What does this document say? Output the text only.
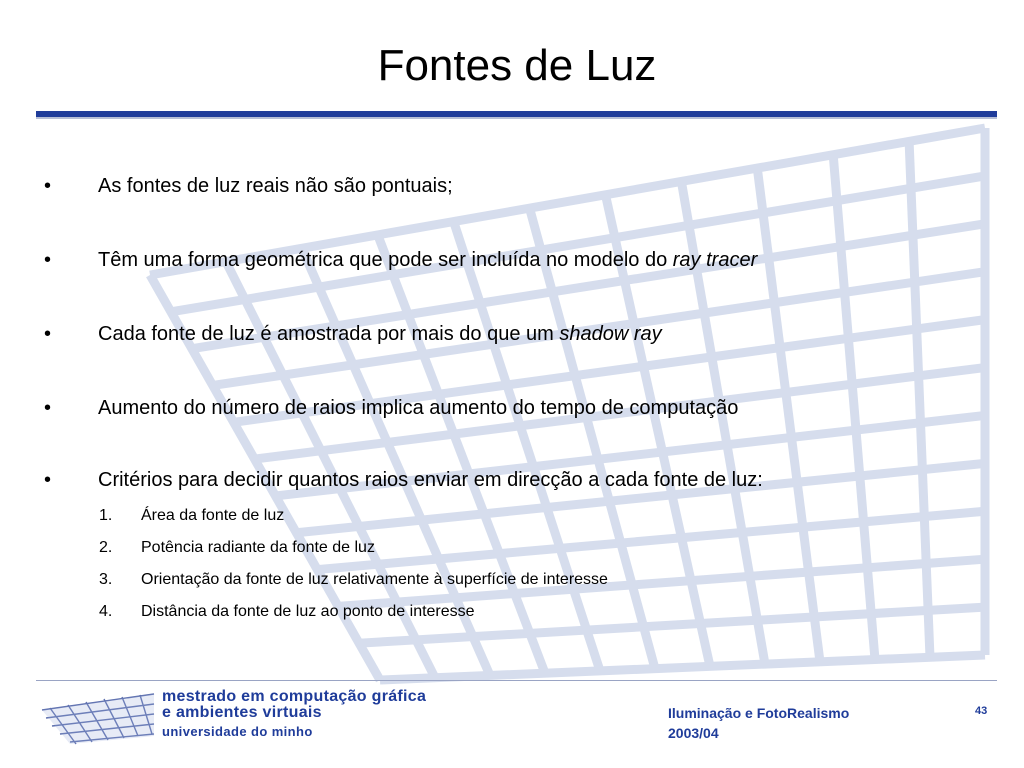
Fontes de Luz
• As fontes de luz reais não são pontuais;
• Têm uma forma geométrica que pode ser incluída no modelo do ray tracer
• Cada fonte de luz é amostrada por mais do que um shadow ray
• Aumento do número de raios implica aumento do tempo de computação
• Critérios para decidir quantos raios enviar em direcção a cada fonte de luz:
1. Área da fonte de luz
2. Potência radiante da fonte de luz
3. Orientação da fonte de luz relativamente à superfície de interesse
4. Distância da fonte de luz ao ponto de interesse
mestrado em computação gráfica
e ambientes virtuais
universidade do minho
Iluminação e FotoRealismo
2003/04
43
